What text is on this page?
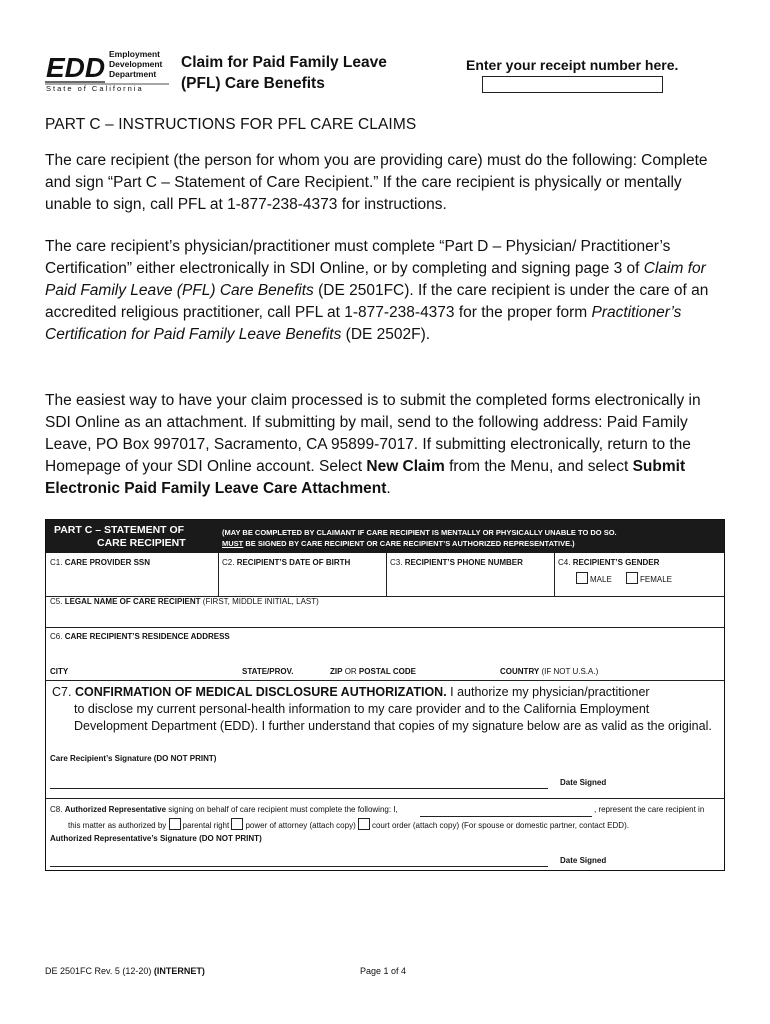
EDD Employment
Development
Department
State of California
Claim for Paid Family Leave
(PFL) Care Benefits
Enter your receipt number here.
PART C – INSTRUCTIONS FOR PFL CARE CLAIMS
The care recipient (the person for whom you are providing care) must do the following: Complete and sign “Part C – Statement of Care Recipient.” If the care recipient is physically or mentally unable to sign, call PFL at 1-877-238-4373 for instructions.
The care recipient’s physician/practitioner must complete “Part D – Physician/ Practitioner’s Certification” either electronically in SDI Online, or by completing and signing page 3 of Claim for Paid Family Leave (PFL) Care Benefits (DE 2501FC). If the care recipient is under the care of an accredited religious practitioner, call PFL at 1-877-238-4373 for the proper form Practitioner’s Certification for Paid Family Leave Benefits (DE 2502F).
The easiest way to have your claim processed is to submit the completed forms electronically in SDI Online as an attachment. If submitting by mail, send to the following address: Paid Family Leave, PO Box 997017, Sacramento, CA 95899-7017. If submitting electronically, return to the Homepage of your SDI Online account. Select New Claim from the Menu, and select Submit Electronic Paid Family Leave Care Attachment.
PART C – STATEMENT OF
CARE RECIPIENT
(MAY BE COMPLETED BY CLAIMANT IF CARE RECIPIENT IS MENTALLY OR PHYSICALLY UNABLE TO DO SO.
MUST BE SIGNED BY CARE RECIPIENT OR CARE RECIPIENT’S AUTHORIZED REPRESENTATIVE.)
C1. CARE PROVIDER SSN	C2. RECIPIENT’S DATE OF BIRTH	C3. RECIPIENT’S PHONE NUMBER	C4. RECIPIENT’S GENDER
MALE	FEMALE
C5. LEGAL NAME OF CARE RECIPIENT (FIRST, MIDDLE INITIAL, LAST)
C6. CARE RECIPIENT’S RESIDENCE ADDRESS
CITY	STATE/PROV.	ZIP OR POSTAL CODE	COUNTRY (IF NOT U.S.A.)
C7. CONFIRMATION OF MEDICAL DISCLOSURE AUTHORIZATION. I authorize my physician/practitioner
to disclose my current personal-health information to my care provider and to the California Employment Development Department (EDD). I further understand that copies of my signature below are as valid as the original.
Care Recipient’s Signature (DO NOT PRINT)
Date Signed
C8. Authorized Representative signing on behalf of care recipient must complete the following: I,	, represent the care recipient in
this matter as authorized by parental right power of attorney (attach copy) court order (attach copy) (For spouse or domestic partner, contact EDD).
Authorized Representative’s Signature (DO NOT PRINT)
Date Signed
DE 2501FC Rev. 5 (12-20) (INTERNET)	Page 1 of 4
